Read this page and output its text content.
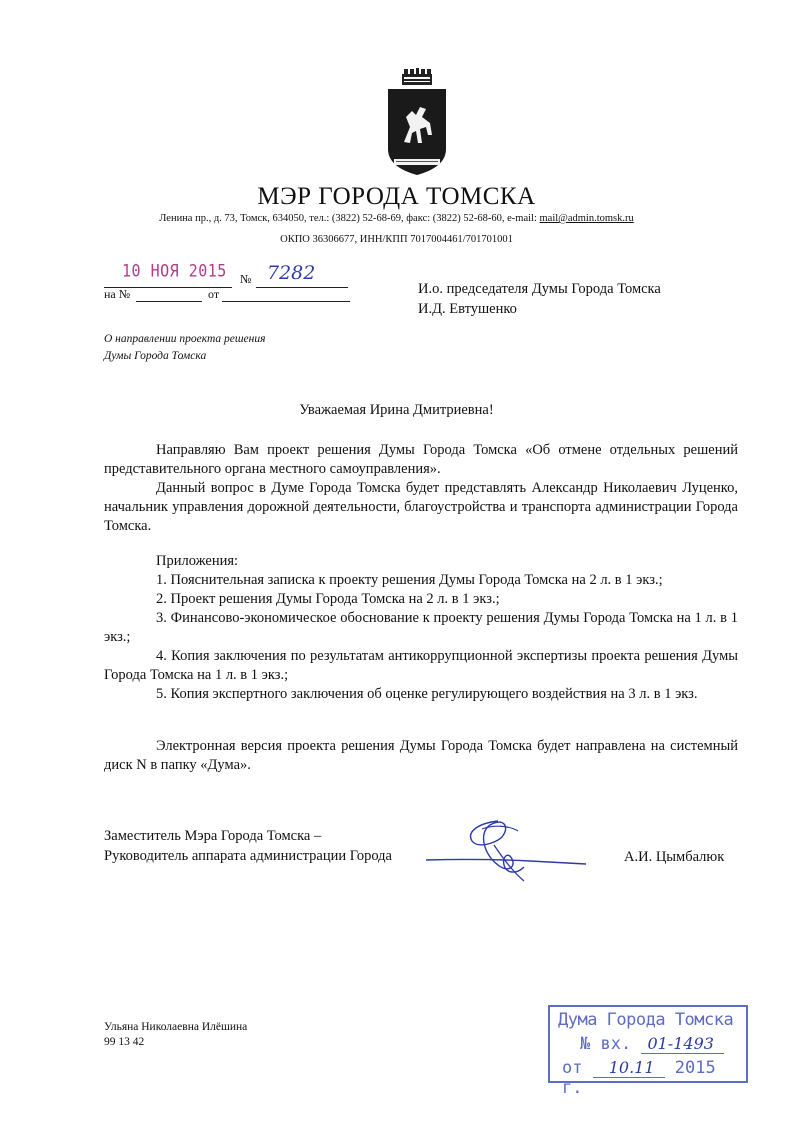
МЭР ГОРОДА ТОМСКА
Ленина пр., д. 73, Томск, 634050, тел.: (3822) 52-68-69, факс: (3822) 52-68-60, e-mail: mail@admin.tomsk.ru
ОКПО 36306677, ИНН/КПП 7017004461/701701001
10 НОЯ 2015 № 7282
на №	от	И.о. председателя Думы Города Томска
И.Д. Евтушенко
О направлении проекта решения
Думы Города Томска
Уважаемая Ирина Дмитриевна!

Направляю Вам проект решения Думы Города Томска «Об отмене отдельных решений представительного органа местного самоуправления».

Данный вопрос в Думе Города Томска будет представлять Александр Николаевич Луценко, начальник управления дорожной деятельности, благоустройства и транспорта администрации Города Томска.

Приложения:

1. Пояснительная записка к проекту решения Думы Города Томска на 2 л. в 1 экз.;

2. Проект решения Думы Города Томска на 2 л. в 1 экз.;

3. Финансово-экономическое обоснование к проекту решения Думы Города Томска на 1 л. в 1 экз.;

4. Копия заключения по результатам антикоррупционной экспертизы проекта решения Думы Города Томска на 1 л. в 1 экз.;

5. Копия экспертного заключения об оценке регулирующего воздействия на 3 л. в 1 экз.

Электронная версия проекта решения Думы Города Томска будет направлена на системный диск N в папку «Дума».

Заместитель Мэра Города Томска –
Руководитель аппарата администрации Города	А.И. Цымбалюк
Ульяна Николаевна Илёшина
99 13 42
Дума Города Томска
№ вх. 01-1493
от 10.11 2015 г.
